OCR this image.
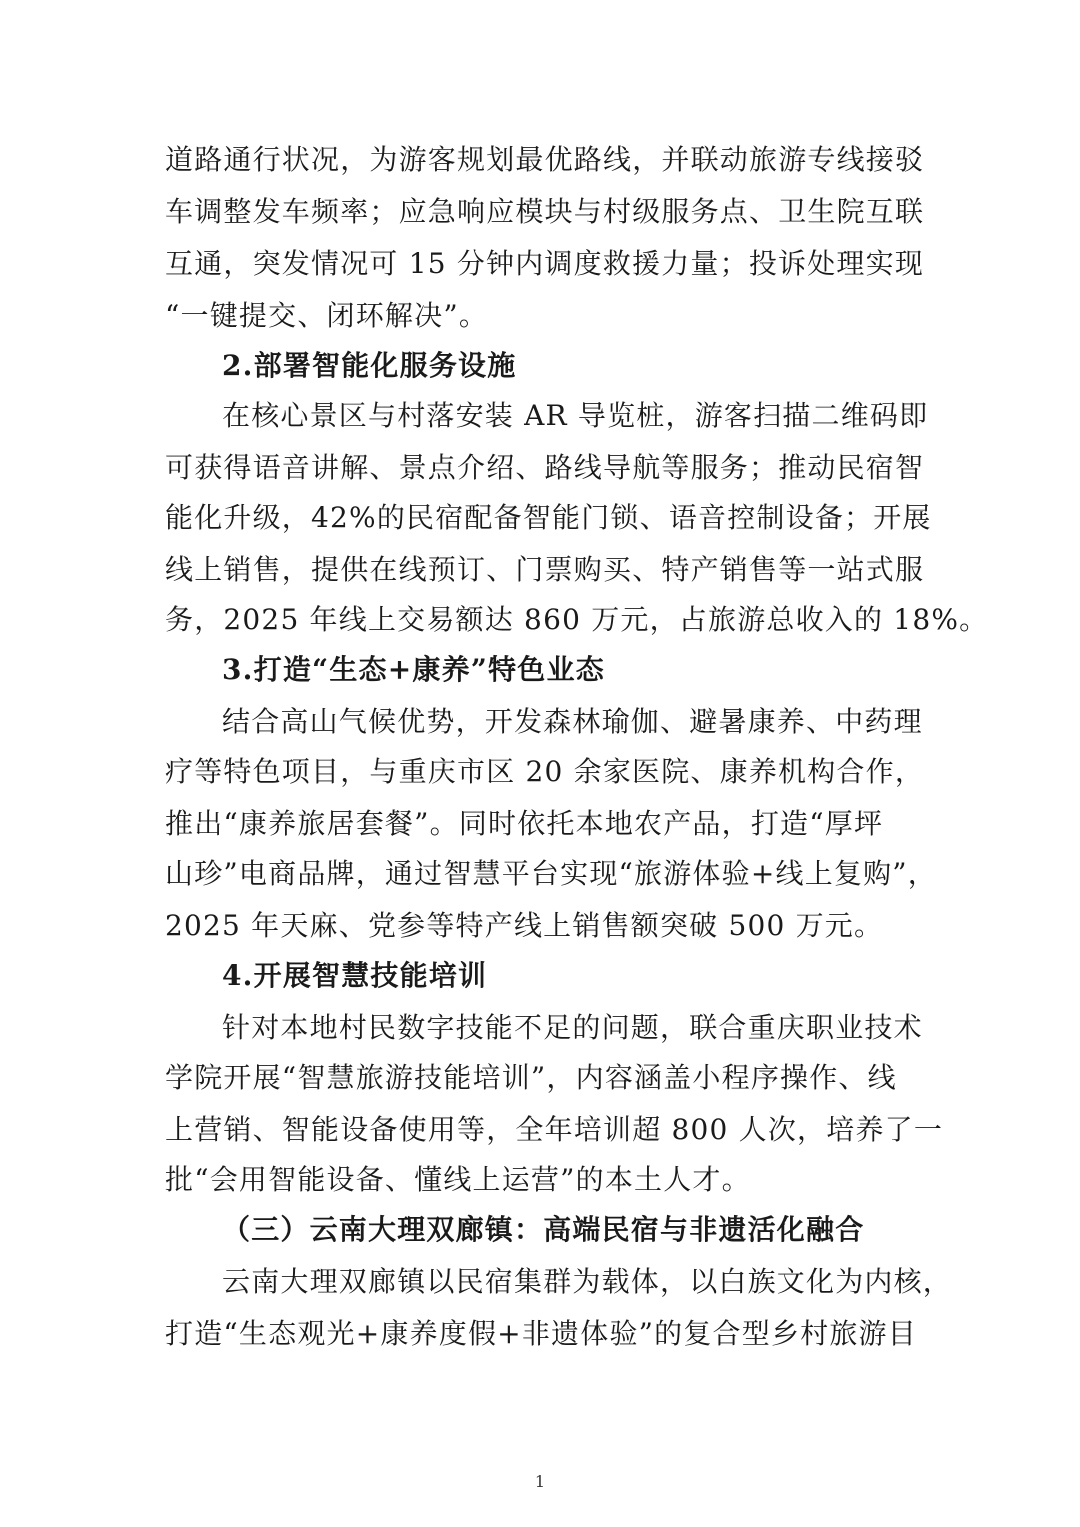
道路通行状况，为游客规划最优路线，并联动旅游专线接驳
车调整发车频率；应急响应模块与村级服务点、卫生院互联
互通，突发情况可 15 分钟内调度救援力量；投诉处理实现
“一键提交、闭环解决”。
2.部署智能化服务设施
在核心景区与村落安装 AR 导览桩，游客扫描二维码即
可获得语音讲解、景点介绍、路线导航等服务；推动民宿智
能化升级，42%的民宿配备智能门锁、语音控制设备；开展
线上销售，提供在线预订、门票购买、特产销售等一站式服
务，2025 年线上交易额达 860 万元，占旅游总收入的 18%。
3.打造“生态+康养”特色业态
结合高山气候优势，开发森林瑜伽、避暑康养、中药理
疗等特色项目，与重庆市区 20 余家医院、康养机构合作，
推出“康养旅居套餐”。同时依托本地农产品，打造“厚坪
山珍”电商品牌，通过智慧平台实现“旅游体验+线上复购”，
2025 年天麻、党参等特产线上销售额突破 500 万元。
4.开展智慧技能培训
针对本地村民数字技能不足的问题，联合重庆职业技术
学院开展“智慧旅游技能培训”，内容涵盖小程序操作、线
上营销、智能设备使用等，全年培训超 800 人次，培养了一
批“会用智能设备、懂线上运营”的本土人才。
（三）云南大理双廊镇：高端民宿与非遗活化融合
云南大理双廊镇以民宿集群为载体，以白族文化为内核，
打造“生态观光+康养度假+非遗体验”的复合型乡村旅游目
1
